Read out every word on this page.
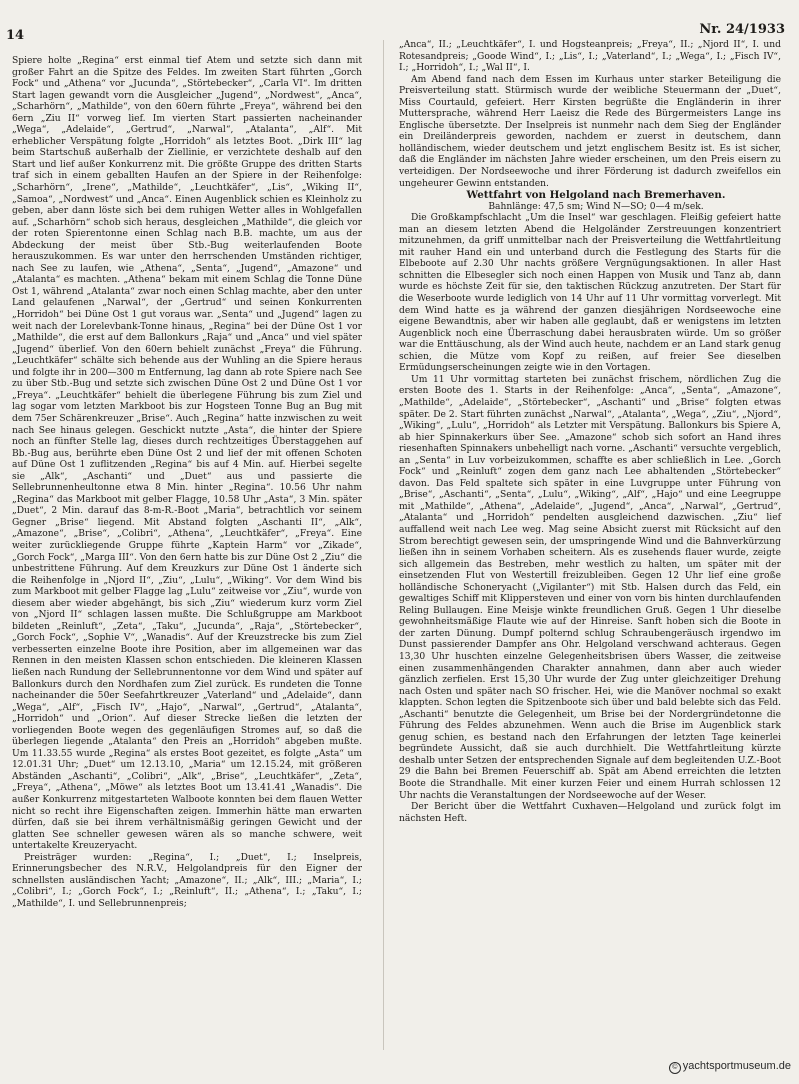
14	Nr. 24/1933

Spiere holte „Regina“ erst einmal tief Atem und setzte sich dann mit großer Fahrt an die Spitze des Feldes. Im zweiten Start führten „Gorch Fock“ und „Athena“ vor „Jucunda“, „Störtebecker“, „Carla VI“. Im dritten Start lagen gewandt vorn die Ausgleicher „Jugend“, „Nordwest“, „Anca“, „Scharhörn“, „Mathilde“, von den 60ern führte „Freya“, während bei den 6ern „Ziu II“ vorweg lief. Im vierten Start passierten nacheinander „Wega“, „Adelaide“, „Gertrud“, „Narwal“, „Atalanta“, „Alf“. Mit erheblicher Verspätung folgte „Horridoh“ als letztes Boot. „Dirk III“ lag beim Startschuß außerhalb der Ziellinie, er verzichtete deshalb auf den Start und lief außer Konkurrenz mit. Die größte Gruppe des dritten Starts traf sich in einem geballten Haufen an der Spiere in der Reihenfolge: „Scharhörn“, „Irene“, „Mathilde“, „Leuchtkäfer“, „Lis“, „Wiking II“, „Samoa“, „Nordwest“ und „Anca“. Einen Augenblick schien es Kleinholz zu geben, aber dann löste sich bei dem ruhigen Wetter alles in Wohlgefallen auf. „Scharhörn“ schob sich heraus, desgleichen „Mathilde“, die gleich vor der roten Spierentonne einen Schlag nach B.B. machte, um aus der Abdeckung der meist über Stb.-Bug weiterlaufenden Boote herauszukommen. Es war unter den herrschenden Umständen richtiger, nach See zu laufen, wie „Athena“, „Senta“, „Jugend“, „Amazone“ und „Atalanta“ es machten. „Athena“ bekam mit einem Schlag die Tonne Düne Ost 1, während „Atalanta“ zwar noch einen Schlag machte, aber den unter Land gelaufenen „Narwal“, der „Gertrud“ und seinen Konkurrenten „Horridoh“ bei Düne Ost 1 gut voraus war. „Senta“ und „Jugend“ lagen zu weit nach der Lorelevbank-Tonne hinaus, „Regina“ bei der Düne Ost 1 vor „Mathilde“, die erst auf dem Ballonkurs „Raja“ und „Anca“ und viel später „Jugend“ überlief. Von den 60ern behielt zunächst „Freya“ die Führung. „Leuchtkäfer“ schälte sich behende aus der Wuhling an die Spiere heraus und folgte ihr in 200—300 m Entfernung, lag dann ab rote Spiere nach See zu über Stb.-Bug und setzte sich zwischen Düne Ost 2 und Düne Ost 1 vor „Freya“. „Leuchtkäfer“ behielt die überlegene Führung bis zum Ziel und lag sogar vom letzten Markboot bis zur Hogsteen Tonne Bug an Bug mit dem 75er Schärenkreuzer „Brise“. Auch „Regina“ hatte inzwischen zu weit nach See hinaus gelegen. Geschickt nutzte „Asta“, die hinter der Spiere noch an fünfter Stelle lag, dieses durch rechtzeitiges Überstaggehen auf Bb.-Bug aus, berührte eben Düne Ost 2 und lief der mit offenen Schoten auf Düne Ost 1 zuflitzenden „Regina“ bis auf 4 Min. auf. Hierbei segelte sie „Alk“, „Aschanti“ und „Duet“ aus und passierte die Sellebrunnenheultonne etwa 8 Min. hinter „Regina“. 10.56 Uhr nahm „Regina“ das Markboot mit gelber Flagge, 10.58 Uhr „Asta“, 3 Min. später „Duet“, 2 Min. darauf das 8-m-R.-Boot „Maria“, betrachtlich vor seinem Gegner „Brise“ liegend. Mit Abstand folgten „Aschanti II“, „Alk“, „Amazone“, „Brise“, „Colibri“, „Athena“, „Leuchtkäfer“, „Freya“. Eine weiter zurückliegende Gruppe führte „Kaptein Harm“ vor „Zikade“, „Gorch Fock“, „Marga III“. Von den 6ern hatte bis zur Düne Ost 2 „Ziu“ die unbestrittene Führung. Auf dem Kreuzkurs zur Düne Ost 1 änderte sich die Reihenfolge in „Njord II“, „Ziu“, „Lulu“, „Wiking“. Vor dem Wind bis zum Markboot mit gelber Flagge lag „Lulu“ zeitweise vor „Ziu“, wurde von diesem aber wieder abgehängt, bis sich „Ziu“ wiederum kurz vorm Ziel von „Njord II“ schlagen lassen mußte. Die Schlußgruppe am Markboot bildeten „Reinluft“, „Zeta“, „Taku“, „Jucunda“, „Raja“, „Störtebecker“, „Gorch Fock“, „Sophie V“, „Wanadis“. Auf der Kreuzstrecke bis zum Ziel verbesserten einzelne Boote ihre Position, aber im allgemeinen war das Rennen in den meisten Klassen schon entschieden. Die kleineren Klassen ließen nach Rundung der Sellebrunnentonne vor dem Wind und später auf Ballonkurs durch den Nordhafen zum Ziel zurück. Es rundeten die Tonne nacheinander die 50er Seefahrtkreuzer „Vaterland“ und „Adelaide“, dann „Wega“, „Alf“, „Fisch IV“, „Hajo“, „Narwal“, „Gertrud“, „Atalanta“, „Horridoh“ und „Orion“. Auf dieser Strecke ließen die letzten der vorliegenden Boote wegen des gegenläufigen Stromes auf, so daß die überlegen liegende „Atalanta“ den Preis an „Horridoh“ abgeben mußte. Um 11.33.55 wurde „Regina“ als erstes Boot gezeitet, es folgte „Asta“ um 12.01.31 Uhr; „Duet“ um 12.13.10, „Maria“ um 12.15.24, mit größeren Abständen „Aschanti“, „Colibri“, „Alk“, „Brise“, „Leuchtkäfer“, „Zeta“, „Freya“, „Athena“, „Möwe“ als letztes Boot um 13.41.41 „Wanadis“. Die außer Konkurrenz mitgestarteten Walboote konnten bei dem flauen Wetter nicht so recht ihre Eigenschaften zeigen. Immerhin hätte man erwarten dürfen, daß sie bei ihrem verhältnismäßig geringen Gewicht und der glatten See schneller gewesen wären als so manche schwere, weit untertakelte Kreuzeryacht.

Preisträger wurden: „Regina“, I.; „Duet“, I.; Inselpreis, Erinnerungsbecher des N.R.V., Helgolandpreis für den Eigner der schnellsten ausländischen Yacht; „Amazone“, II.; „Alk“, III.; „Maria“, I.; „Colibri“, I.; „Gorch Fock“, I.; „Reinluft“, II.; „Athena“, I.; „Taku“, I.; „Mathilde“, I. und Sellebrunnenpreis;

„Anca“, II.; „Leuchtkäfer“, I. und Hogsteanpreis; „Freya“, II.; „Njord II“, I. und Rotesandpreis; „Goode Wind“, I.; „Lis“, I.; „Vaterland“, I.; „Wega“, I.; „Fisch IV“, I.; „Horridoh“, I.; „Wal II“, I.

Am Abend fand nach dem Essen im Kurhaus unter starker Beteiligung die Preisverteilung statt. Stürmisch wurde der weibliche Steuermann der „Duet“, Miss Courtauld, gefeiert. Herr Kirsten begrüßte die Engländerin in ihrer Muttersprache, während Herr Laeisz die Rede des Bürgermeisters Lange ins Englische übersetzte. Der Inselpreis ist nunmehr nach dem Sieg der Engländer ein Dreiländerpreis geworden, nachdem er zuerst in deutschem, dann holländischem, wieder deutschem und jetzt englischem Besitz ist. Es ist sicher, daß die Engländer im nächsten Jahre wieder erscheinen, um den Preis eisern zu verteidigen. Der Nordseewoche und ihrer Förderung ist dadurch zweifellos ein ungeheurer Gewinn entstanden.

Wettfahrt von Helgoland nach Bremerhaven.

Bahnlänge: 47,5 sm; Wind N—SO; 0—4 m/sek.

Die Großkampfschlacht „Um die Insel“ war geschlagen. Fleißig gefeiert hatte man an diesem letzten Abend die Helgoländer Zerstreuungen konzentriert mitzunehmen, da griff unmittelbar nach der Preisverteilung die Wettfahrtleitung mit rauher Hand ein und unterband durch die Festlegung des Starts für die Elbeboote auf 2.30 Uhr nachts größere Vergnügungsaktionen. In aller Hast schnitten die Elbesegler sich noch einen Happen von Musik und Tanz ab, dann wurde es höchste Zeit für sie, den taktischen Rückzug anzutreten. Der Start für die Weserboote wurde lediglich von 14 Uhr auf 11 Uhr vormittag vorverlegt. Mit dem Wind hatte es ja während der ganzen diesjährigen Nordseewoche eine eigene Bewandtnis, aber wir haben alle geglaubt, daß er wenigstens im letzten Augenblick noch eine Überraschung dabei herausbraten würde. Um so größer war die Enttäuschung, als der Wind auch heute, nachdem er an Land stark genug schien, die Mütze vom Kopf zu reißen, auf freier See dieselben Ermüdungserscheinungen zeigte wie in den Vortagen.

Um 11 Uhr vormittag starteten bei zunächst frischem, nördlichen Zug die ersten Boote des 1. Starts in der Reihenfolge: „Anca“, „Senta“, „Amazone“, „Mathilde“, „Adelaide“, „Störtebecker“, „Aschanti“ und „Brise“ folgten etwas später. De 2. Start führten zunächst „Narwal“, „Atalanta“, „Wega“, „Ziu“, „Njord“, „Wiking“, „Lulu“, „Horridoh“ als Letzter mit Verspätung. Ballonkurs bis Spiere A, ab hier Spinnakerkurs über See. „Amazone“ schob sich sofort an Hand ihres riesenhaften Spinnakers unbehelligt nach vorne. „Aschanti“ versuchte vergeblich, an „Senta“ in Luv vorbeizukommen, schaffte es aber schließlich in Lee. „Gorch Fock“ und „Reinluft“ zogen dem ganz nach Lee abhaltenden „Störtebecker“ davon. Das Feld spaltete sich später in eine Luvgruppe unter Führung von „Brise“, „Aschanti“, „Senta“, „Lulu“, „Wiking“, „Alf“, „Hajo“ und eine Leegruppe mit „Mathilde“, „Athena“, „Adelaide“, „Jugend“, „Anca“, „Narwal“, „Gertrud“, „Atalanta“ und „Horridoh“ pendelten ausgleichend dazwischen. „Ziu“ lief auffallend weit nach Lee weg. Mag seine Absicht zuerst mit Rücksicht auf den Strom berechtigt gewesen sein, der umspringende Wind und die Bahnverkürzung ließen ihn in seinem Vorhaben scheitern. Als es zusehends flauer wurde, zeigte sich allgemein das Bestreben, mehr westlich zu halten, um später mit der einsetzenden Flut von Westertill freizubleiben. Gegen 12 Uhr lief eine große holländische Schoneryacht („Vigilanter“) mit Stb. Halsen durch das Feld, ein gewaltiges Schiff mit Klippersteven und einer von vorn bis hinten durchlaufenden Reling Bullaugen. Eine Meisje winkte freundlichen Gruß. Gegen 1 Uhr dieselbe gewohnheitsmäßige Flaute wie auf der Hinreise. Sanft hoben sich die Boote in der zarten Dünung. Dumpf polternd schlug Schraubengeräusch irgendwo im Dunst passierender Dampfer ans Ohr. Helgoland verschwand achteraus. Gegen 13,30 Uhr huschten einzelne Gelegenheitsbrisen übers Wasser, die zeitweise einen zusammenhängenden Charakter annahmen, dann aber auch wieder gänzlich zerfielen. Erst 15,30 Uhr wurde der Zug unter gleichzeitiger Drehung nach Osten und später nach SO frischer. Hei, wie die Manöver nochmal so exakt klappten. Schon legten die Spitzenboote sich über und bald belebte sich das Feld. „Aschanti“ benutzte die Gelegenheit, um Brise bei der Nordergründetonne die Führung des Feldes abzunehmen. Wenn auch die Brise im Augenblick stark genug schien, es bestand nach den Erfahrungen der letzten Tage keinerlei begründete Aussicht, daß sie auch durchhielt. Die Wettfahrtleitung kürzte deshalb unter Setzen der entsprechenden Signale auf dem begleitenden U.Z.-Boot 29 die Bahn bei Bremen Feuerschiff ab. Spät am Abend erreichten die letzten Boote die Strandhalle. Mit einer kurzen Feier und einem Hurrah schlossen 12 Uhr nachts die Veranstaltungen der Nordseewoche auf der Weser.

Der Bericht über die Wettfahrt Cuxhaven—Helgoland und zurück folgt im nächsten Heft.

© yachtsportmuseum.de
